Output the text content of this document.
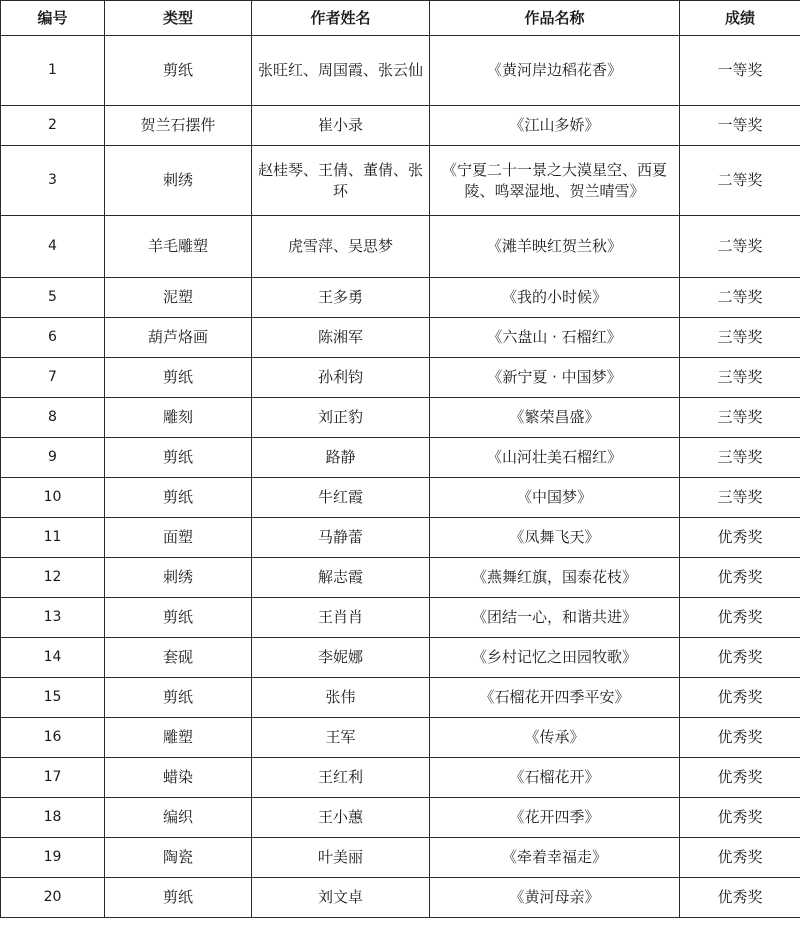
编号	类型	作者姓名	作品名称	成绩
1	剪纸	张旺红、周国霞、张云仙	《黄河岸边稻花香》	一等奖
2	贺兰石摆件	崔小录	《江山多娇》	一等奖
3	刺绣	赵桂琴、王倩、董倩、张环	《宁夏二十一景之大漠星空、西夏陵、鸣翠湿地、贺兰晴雪》	二等奖
4	羊毛雕塑	虎雪萍、吴思梦	《滩羊映红贺兰秋》	二等奖
5	泥塑	王多勇	《我的小时候》	二等奖
6	葫芦烙画	陈湘军	《六盘山 · 石榴红》	三等奖
7	剪纸	孙利钧	《新宁夏 · 中国梦》	三等奖
8	雕刻	刘正豹	《繁荣昌盛》	三等奖
9	剪纸	路静	《山河壮美石榴红》	三等奖
10	剪纸	牛红霞	《中国梦》	三等奖
11	面塑	马静蕾	《凤舞飞天》	优秀奖
12	刺绣	解志霞	《燕舞红旗，国泰花枝》	优秀奖
13	剪纸	王肖肖	《团结一心，和谐共进》	优秀奖
14	套砚	李妮娜	《乡村记忆之田园牧歌》	优秀奖
15	剪纸	张伟	《石榴花开四季平安》	优秀奖
16	雕塑	王军	《传承》	优秀奖
17	蜡染	王红利	《石榴花开》	优秀奖
18	编织	王小蕙	《花开四季》	优秀奖
19	陶瓷	叶美丽	《牵着幸福走》	优秀奖
20	剪纸	刘文卓	《黄河母亲》	优秀奖
